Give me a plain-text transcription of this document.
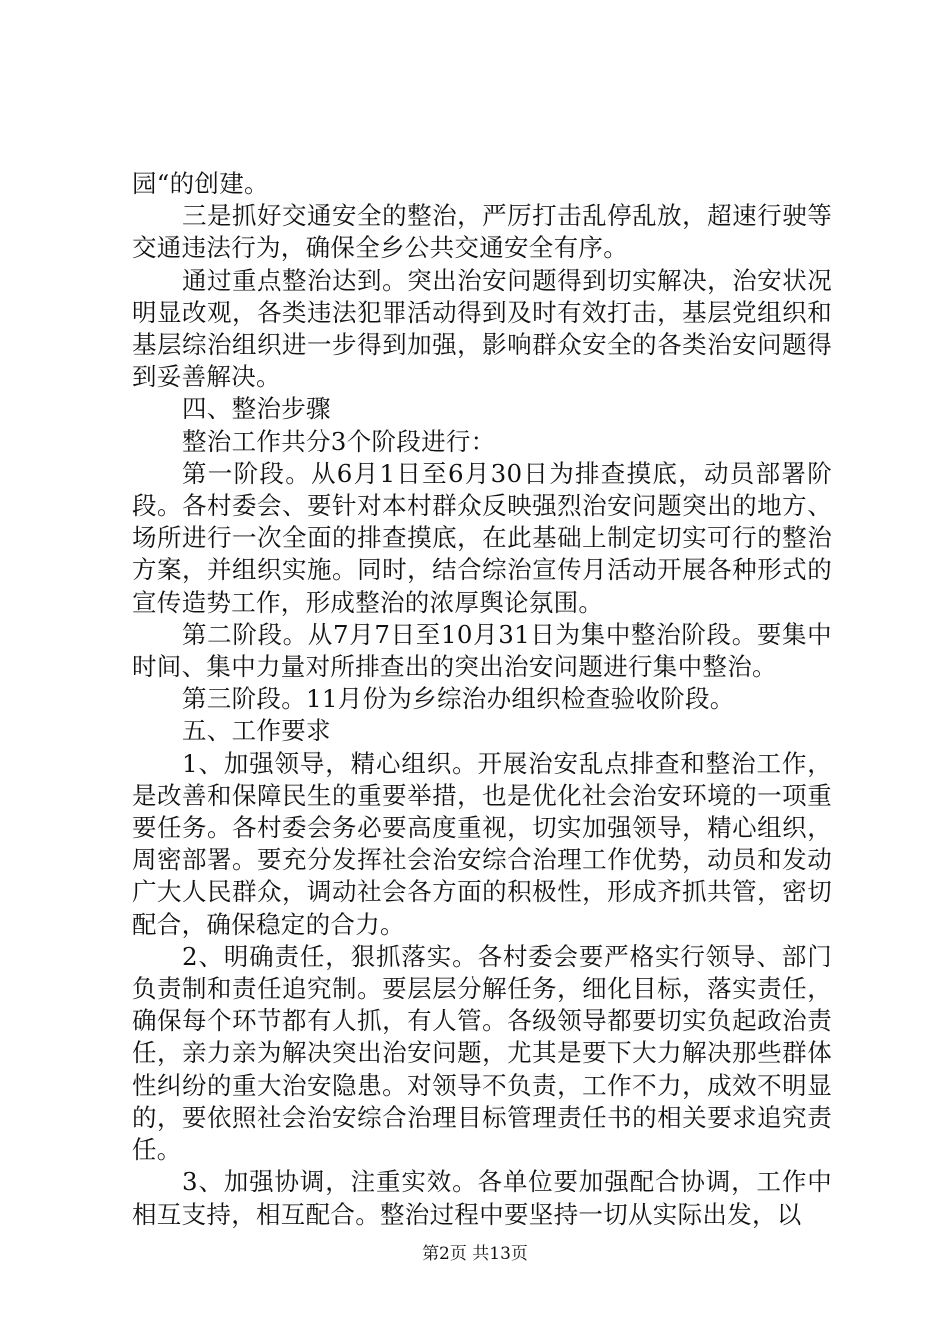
园“的创建。

三是抓好交通安全的整治，严厉打击乱停乱放，超速行驶等交通违法行为，确保全乡公共交通安全有序。

通过重点整治达到。突出治安问题得到切实解决，治安状况明显改观，各类违法犯罪活动得到及时有效打击，基层党组织和基层综治组织进一步得到加强，影响群众安全的各类治安问题得到妥善解决。

四、整治步骤

整治工作共分3个阶段进行：

第一阶段。从6月1日至6月30日为排查摸底，动员部署阶段。各村委会、要针对本村群众反映强烈治安问题突出的地方、场所进行一次全面的排查摸底，在此基础上制定切实可行的整治方案，并组织实施。同时，结合综治宣传月活动开展各种形式的宣传造势工作，形成整治的浓厚舆论氛围。

第二阶段。从7月7日至10月31日为集中整治阶段。要集中时间、集中力量对所排查出的突出治安问题进行集中整治。

第三阶段。11月份为乡综治办组织检查验收阶段。

五、工作要求

1、加强领导，精心组织。开展治安乱点排查和整治工作，是改善和保障民生的重要举措，也是优化社会治安环境的一项重要任务。各村委会务必要高度重视，切实加强领导，精心组织，周密部署。要充分发挥社会治安综合治理工作优势，动员和发动广大人民群众，调动社会各方面的积极性，形成齐抓共管，密切配合，确保稳定的合力。

2、明确责任，狠抓落实。各村委会要严格实行领导、部门负责制和责任追究制。要层层分解任务，细化目标，落实责任，确保每个环节都有人抓，有人管。各级领导都要切实负起政治责任，亲力亲为解决突出治安问题，尤其是要下大力解决那些群体性纠纷的重大治安隐患。对领导不负责，工作不力，成效不明显的，要依照社会治安综合治理目标管理责任书的相关要求追究责任。

3、加强协调，注重实效。各单位要加强配合协调，工作中相互支持，相互配合。整治过程中要坚持一切从实际出发，以

第2页 共13页
